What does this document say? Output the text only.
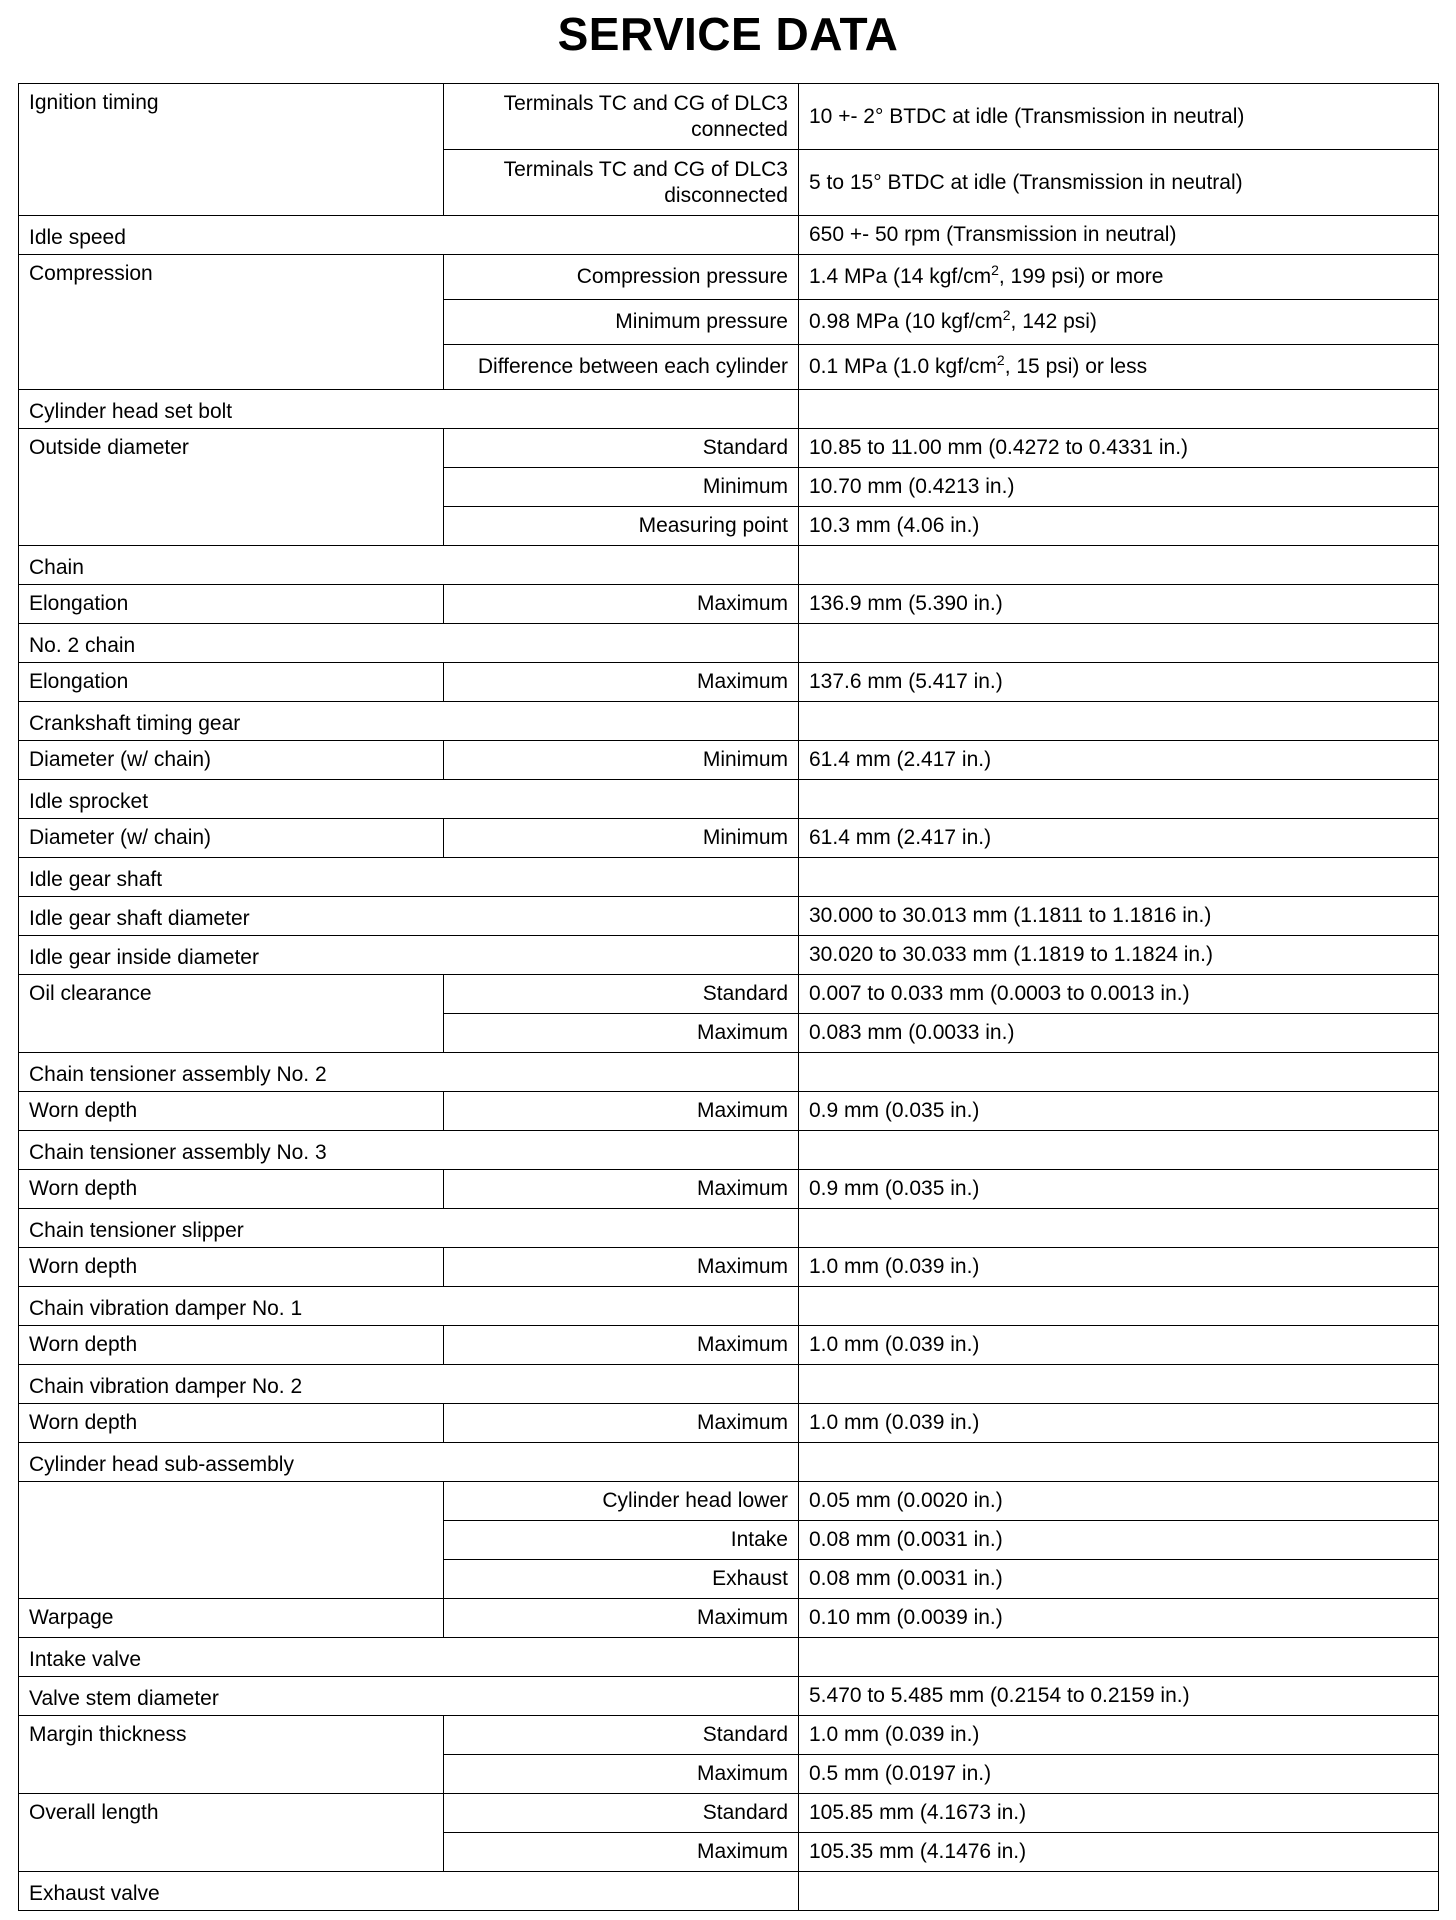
SERVICE DATA
Ignition timing	Terminals TC and CG of DLC3 connected	10 +- 2° BTDC at idle (Transmission in neutral)
	Terminals TC and CG of DLC3 disconnected	5 to 15° BTDC at idle (Transmission in neutral)
Idle speed		650 +- 50 rpm (Transmission in neutral)
Compression	Compression pressure	1.4 MPa (14 kgf/$cm^2$, 199 psi) or more
	Minimum pressure	0.98 MPa (10 kgf/$cm^2$, 142 psi)
	Difference between each cylinder	0.1 MPa (1.0 kgf/$cm^2$, 15 psi) or less
Cylinder head set bolt		
Outside diameter	Standard	10.85 to 11.00 mm (0.4272 to 0.4331 in.)
	Minimum	10.70 mm (0.4213 in.)
	Measuring point	10.3 mm (4.06 in.)
Chain		
Elongation	Maximum	136.9 mm (5.390 in.)
No. 2 chain		
Elongation	Maximum	137.6 mm (5.417 in.)
Crankshaft timing gear		
Diameter (w/ chain)	Minimum	61.4 mm (2.417 in.)
Idle sprocket		
Diameter (w/ chain)	Minimum	61.4 mm (2.417 in.)
Idle gear shaft		
Idle gear shaft diameter		30.000 to 30.013 mm (1.1811 to 1.1816 in.)
Idle gear inside diameter		30.020 to 30.033 mm (1.1819 to 1.1824 in.)
Oil clearance	Standard	0.007 to 0.033 mm (0.0003 to 0.0013 in.)
	Maximum	0.083 mm (0.0033 in.)
Chain tensioner assembly No. 2		
Worn depth	Maximum	0.9 mm (0.035 in.)
Chain tensioner assembly No. 3		
Worn depth	Maximum	0.9 mm (0.035 in.)
Chain tensioner slipper		
Worn depth	Maximum	1.0 mm (0.039 in.)
Chain vibration damper No. 1		
Worn depth	Maximum	1.0 mm (0.039 in.)
Chain vibration damper No. 2		
Worn depth	Maximum	1.0 mm (0.039 in.)
Cylinder head sub-assembly		
	Cylinder head lower	0.05 mm (0.0020 in.)
	Intake	0.08 mm (0.0031 in.)
	Exhaust	0.08 mm (0.0031 in.)
Warpage	Maximum	0.10 mm (0.0039 in.)
Intake valve		
Valve stem diameter		5.470 to 5.485 mm (0.2154 to 0.2159 in.)
Margin thickness	Standard	1.0 mm (0.039 in.)
	Maximum	0.5 mm (0.0197 in.)
Overall length	Standard	105.85 mm (4.1673 in.)
	Maximum	105.35 mm (4.1476 in.)
Exhaust valve		
